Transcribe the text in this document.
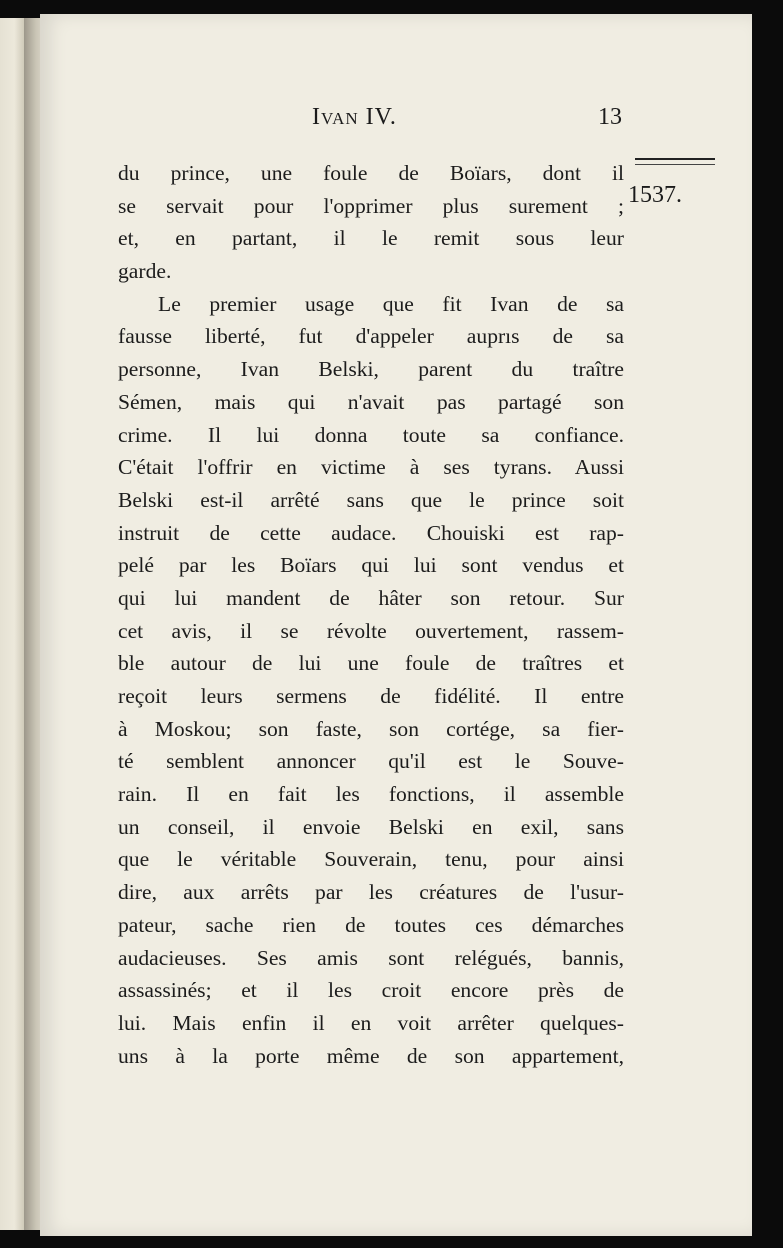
Ivan IV.	13
1537.
du prince, une foule de Boïars, dont il
se servait pour l'opprimer plus surement ;
et, en partant, il le remit sous leur
garde.
Le premier usage que fit Ivan de sa
fausse liberté, fut d'appeler auprıs de sa
personne, Ivan Belski, parent du traître
Sémen, mais qui n'avait pas partagé son
crime. Il lui donna toute sa confiance.
C'était l'offrir en victime à ses tyrans. Aussi
Belski est-il arrêté sans que le prince soit
instruit de cette audace. Chouiski est rap-
pelé par les Boïars qui lui sont vendus et
qui lui mandent de hâter son retour. Sur
cet avis, il se révolte ouvertement, rassem-
ble autour de lui une foule de traîtres et
reçoit leurs sermens de fidélité. Il entre
à Moskou; son faste, son cortége, sa fier-
té semblent annoncer qu'il est le Souve-
rain. Il en fait les fonctions, il assemble
un conseil, il envoie Belski en exil, sans
que le véritable Souverain, tenu, pour ainsi
dire, aux arrêts par les créatures de l'usur-
pateur, sache rien de toutes ces démarches
audacieuses. Ses amis sont relégués, bannis,
assassinés; et il les croit encore près de
lui. Mais enfin il en voit arrêter quelques-
uns à la porte même de son appartement,
